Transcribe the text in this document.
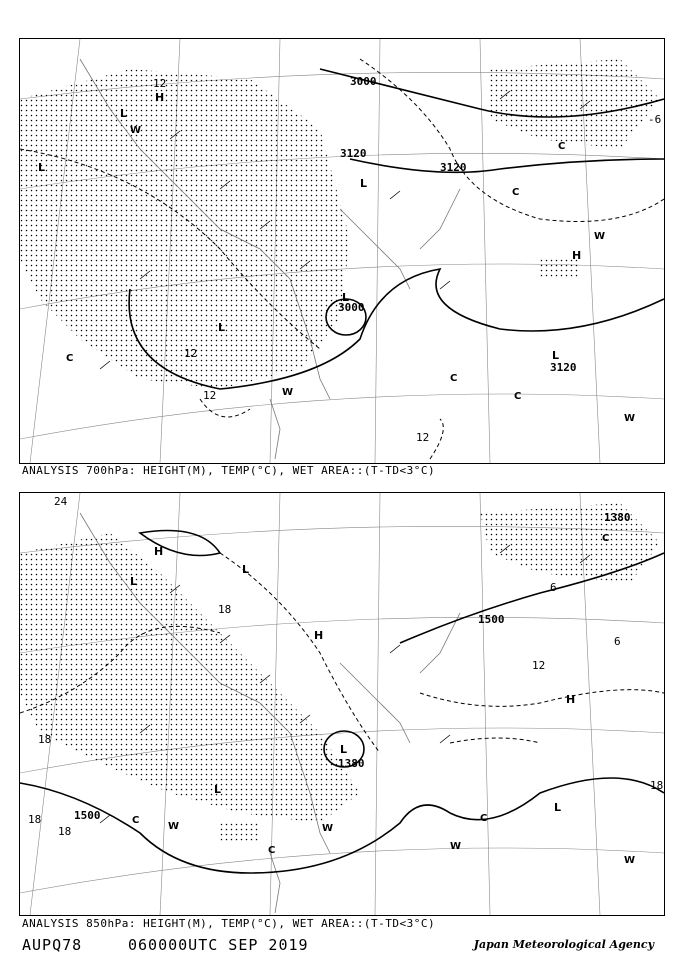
3000
3120
3120
3120
3000
12
12
12
12
-6
H
H
L
L
L
L
L
L
W
W
W
W
C
C
C
C
C
ANALYSIS 700hPa: HEIGHT(M), TEMP(°C), WET AREA::(T-TD<3°C)
1500
1500
1380
1380
24
18
18
18
18
12
6
6
18
H
H
H
L
L
L
L
L
W	W
W
W
C
C
C
C
ANALYSIS 850hPa: HEIGHT(M), TEMP(°C), WET AREA::(T-TD<3°C)
AUPQ78	060000UTC SEP 2019	Japan Meteorological Agency
